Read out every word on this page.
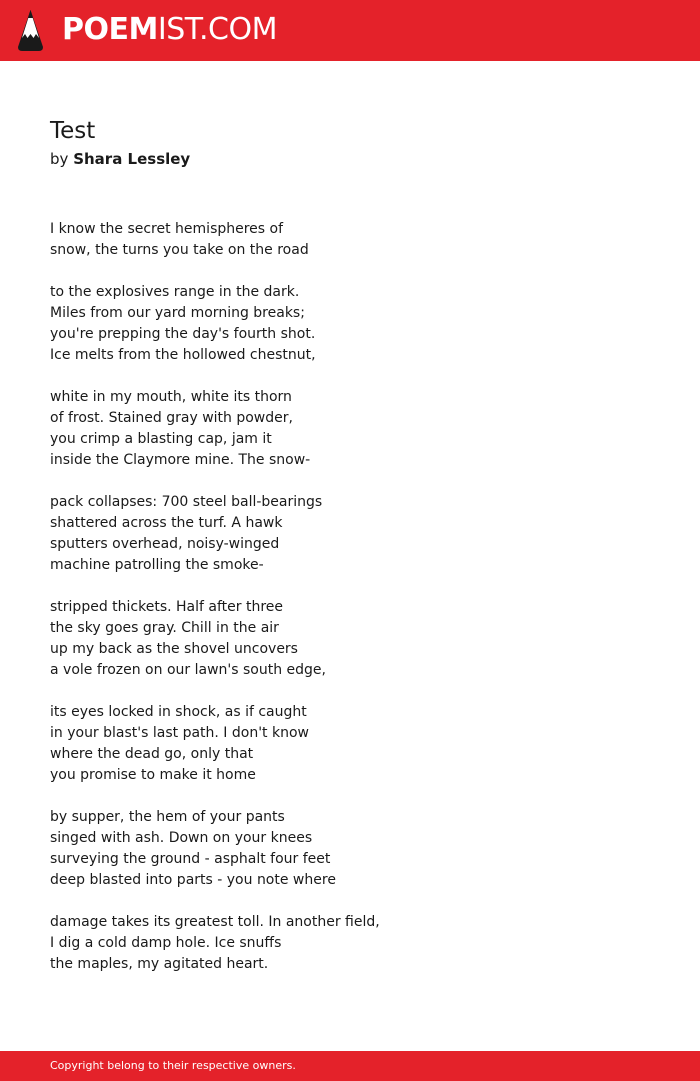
POEMIST.COM
Test
by Shara Lessley
I know the secret hemispheres of
snow, the turns you take on the road
to the explosives range in the dark.
Miles from our yard morning breaks;
you're prepping the day's fourth shot.
Ice melts from the hollowed chestnut,
white in my mouth, white its thorn
of frost. Stained gray with powder,
you crimp a blasting cap, jam it
inside the Claymore mine. The snow-
pack collapses: 700 steel ball-bearings
shattered across the turf. A hawk
sputters overhead, noisy-winged
machine patrolling the smoke-
stripped thickets. Half after three
the sky goes gray. Chill in the air
up my back as the shovel uncovers
a vole frozen on our lawn's south edge,
its eyes locked in shock, as if caught
in your blast's last path. I don't know
where the dead go, only that
you promise to make it home
by supper, the hem of your pants
singed with ash. Down on your knees
surveying the ground - asphalt four feet
deep blasted into parts - you note where
damage takes its greatest toll. In another field,
I dig a cold damp hole. Ice snuffs
the maples, my agitated heart.
Copyright belong to their respective owners.
